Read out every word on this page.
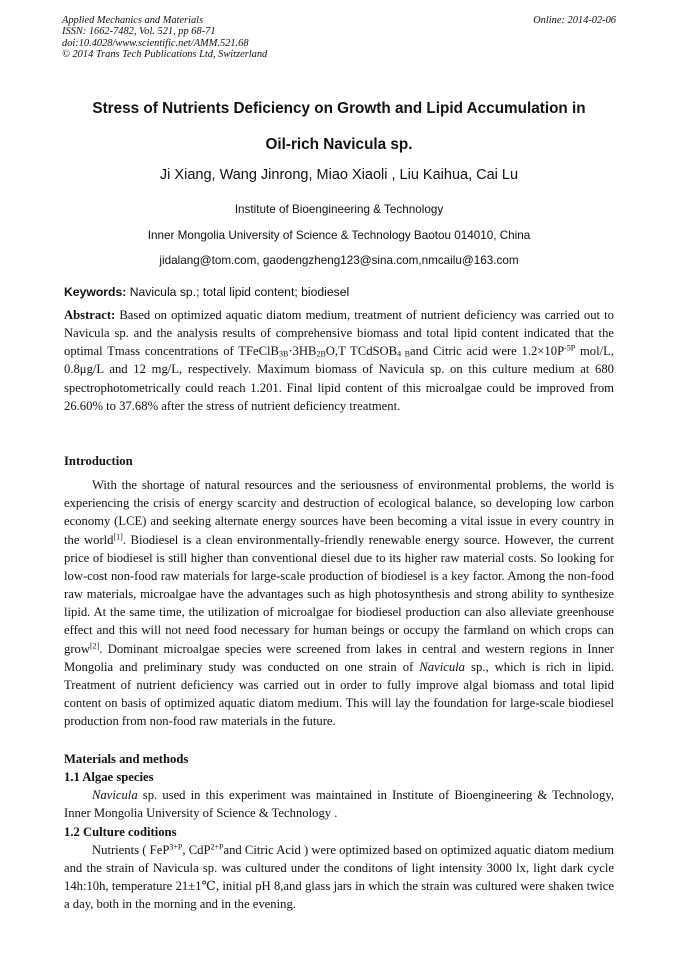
Applied Mechanics and Materials
ISSN: 1662-7482, Vol. 521, pp 68-71
doi:10.4028/www.scientific.net/AMM.521.68
© 2014 Trans Tech Publications Ltd, Switzerland
Online: 2014-02-06
Stress of Nutrients Deficiency on Growth and Lipid Accumulation in
Oil-rich Navicula sp.
Ji Xiang, Wang Jinrong, Miao Xiaoli , Liu Kaihua, Cai Lu
Institute of Bioengineering & Technology
Inner Mongolia University of Science & Technology Baotou 014010, China
jidalang@tom.com, gaodengzheng123@sina.com,nmcailu@163.com
Keywords: Navicula sp.; total lipid content; biodiesel

Abstract: Based on optimized aquatic diatom medium, treatment of nutrient deficiency was carried out to Navicula sp. and the analysis results of comprehensive biomass and total lipid content indicated that the optimal Tmass concentrations of $TFeClB_{3B}\cdot 3HB_{2B}O,T$ TCdSOB$_{4 B}$and Citric acid were $1.2\times 10P^{-5P}$ mol/L, 0.8μg/L and 12 mg/L, respectively. Maximum biomass of Navicula sp. on this culture medium at 680 spectrophotometrically could reach 1.201. Final lipid content of this microalgae could be improved from 26.60% to 37.68% after the stress of nutrient deficiency treatment.

Introduction

With the shortage of natural resources and the seriousness of environmental problems, the world is experiencing the crisis of energy scarcity and destruction of ecological balance, so developing low carbon economy (LCE) and seeking alternate energy sources have been becoming a vital issue in every country in the world[1]. Biodiesel is a clean environmentally-friendly renewable energy source. However, the current price of biodiesel is still higher than conventional diesel due to its higher raw material costs. So looking for low-cost non-food raw materials for large-scale production of biodiesel is a key factor. Among the non-food raw materials, microalgae have the advantages such as high photosynthesis and strong ability to synthesize lipid. At the same time, the utilization of microalgae for biodiesel production can also alleviate greenhouse effect and this will not need food necessary for human beings or occupy the farmland on which crops can grow[2]. Dominant microalgae species were screened from lakes in central and western regions in Inner Mongolia and preliminary study was conducted on one strain of Navicula sp., which is rich in lipid. Treatment of nutrient deficiency was carried out in order to fully improve algal biomass and total lipid content on basis of optimized aquatic diatom medium. This will lay the foundation for large-scale biodiesel production from non-food raw materials in the future.

Materials and methods
1.1 Algae species

Navicula sp. used in this experiment was maintained in Institute of Bioengineering & Technology, Inner Mongolia University of Science & Technology .

1.2 Culture coditions

Nutrients ( FeP$^{3+P}$, CdP$^{2+P}$and Citric Acid ) were optimized based on optimized aquatic diatom medium and the strain of Navicula sp. was cultured under the conditons of light intensity 3000 lx, light dark cycle 14h:10h, temperature 21±1℃, initial pH 8,and glass jars in which the strain was cultured were shaken twice a day, both in the morning and in the evening.
